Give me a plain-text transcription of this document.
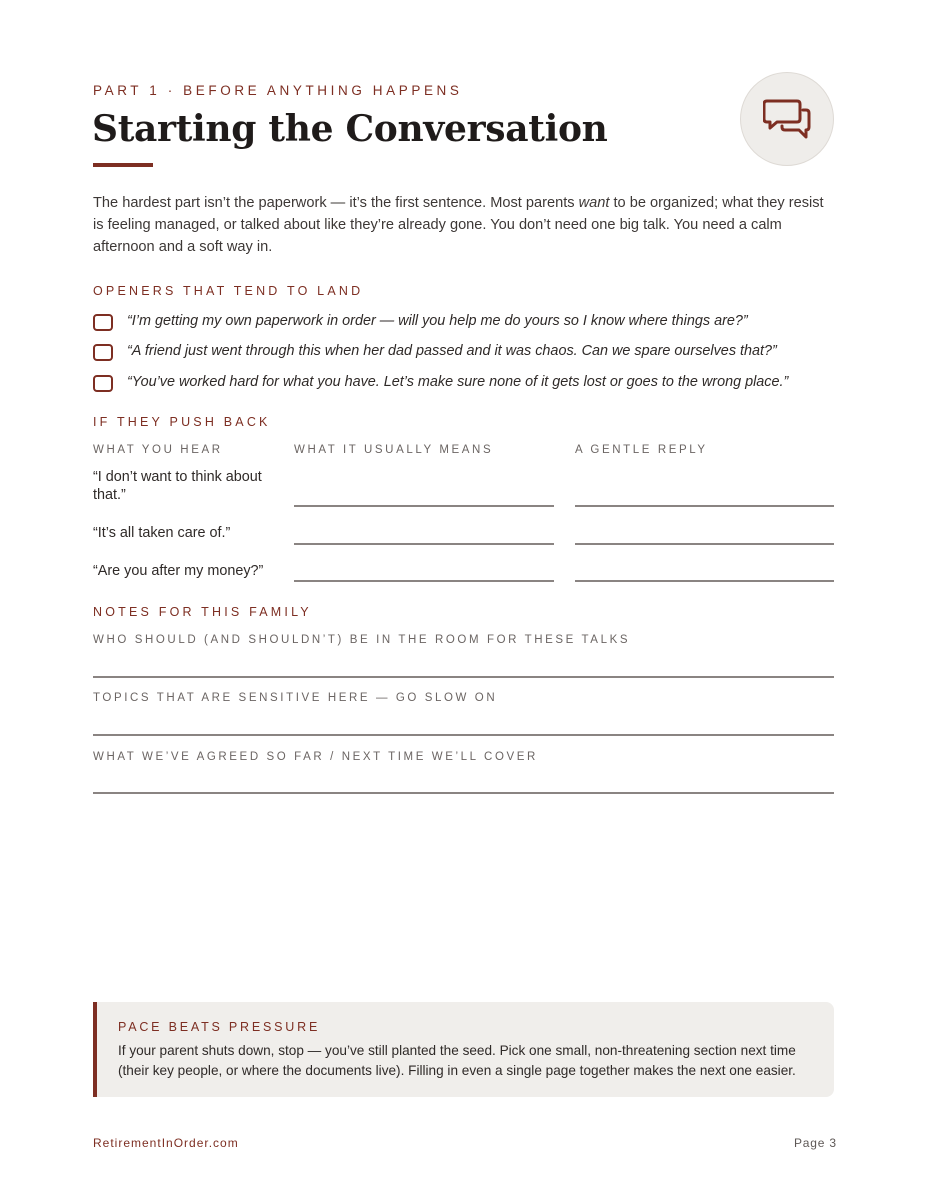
PART 1 · BEFORE ANYTHING HAPPENS
Starting the Conversation

The hardest part isn’t the paperwork — it’s the first sentence. Most parents want to be organized; what they resist is feeling managed, or talked about like they’re already gone. You don’t need one big talk. You need a calm afternoon and a soft way in.

OPENERS THAT TEND TO LAND
“I’m getting my own paperwork in order — will you help me do yours so I know where things are?”
“A friend just went through this when her dad passed and it was chaos. Can we spare ourselves that?”
“You’ve worked hard for what you have. Let’s make sure none of it gets lost or goes to the wrong place.”
IF THEY PUSH BACK
WHAT YOU HEAR	WHAT IT USUALLY MEANS	A GENTLE REPLY
“I don’t want to think about that.”
“It’s all taken care of.”
“Are you after my money?”
NOTES FOR THIS FAMILY
WHO SHOULD (AND SHOULDN’T) BE IN THE ROOM FOR THESE TALKS
TOPICS THAT ARE SENSITIVE HERE — GO SLOW ON
WHAT WE’VE AGREED SO FAR / NEXT TIME WE’LL COVER
PACE BEATS PRESSURE

If your parent shuts down, stop — you’ve still planted the seed. Pick one small, non-threatening section next time (their key people, or where the documents live). Filling in even a single page together makes the next one easier.

RetirementInOrder.com	Page 3
